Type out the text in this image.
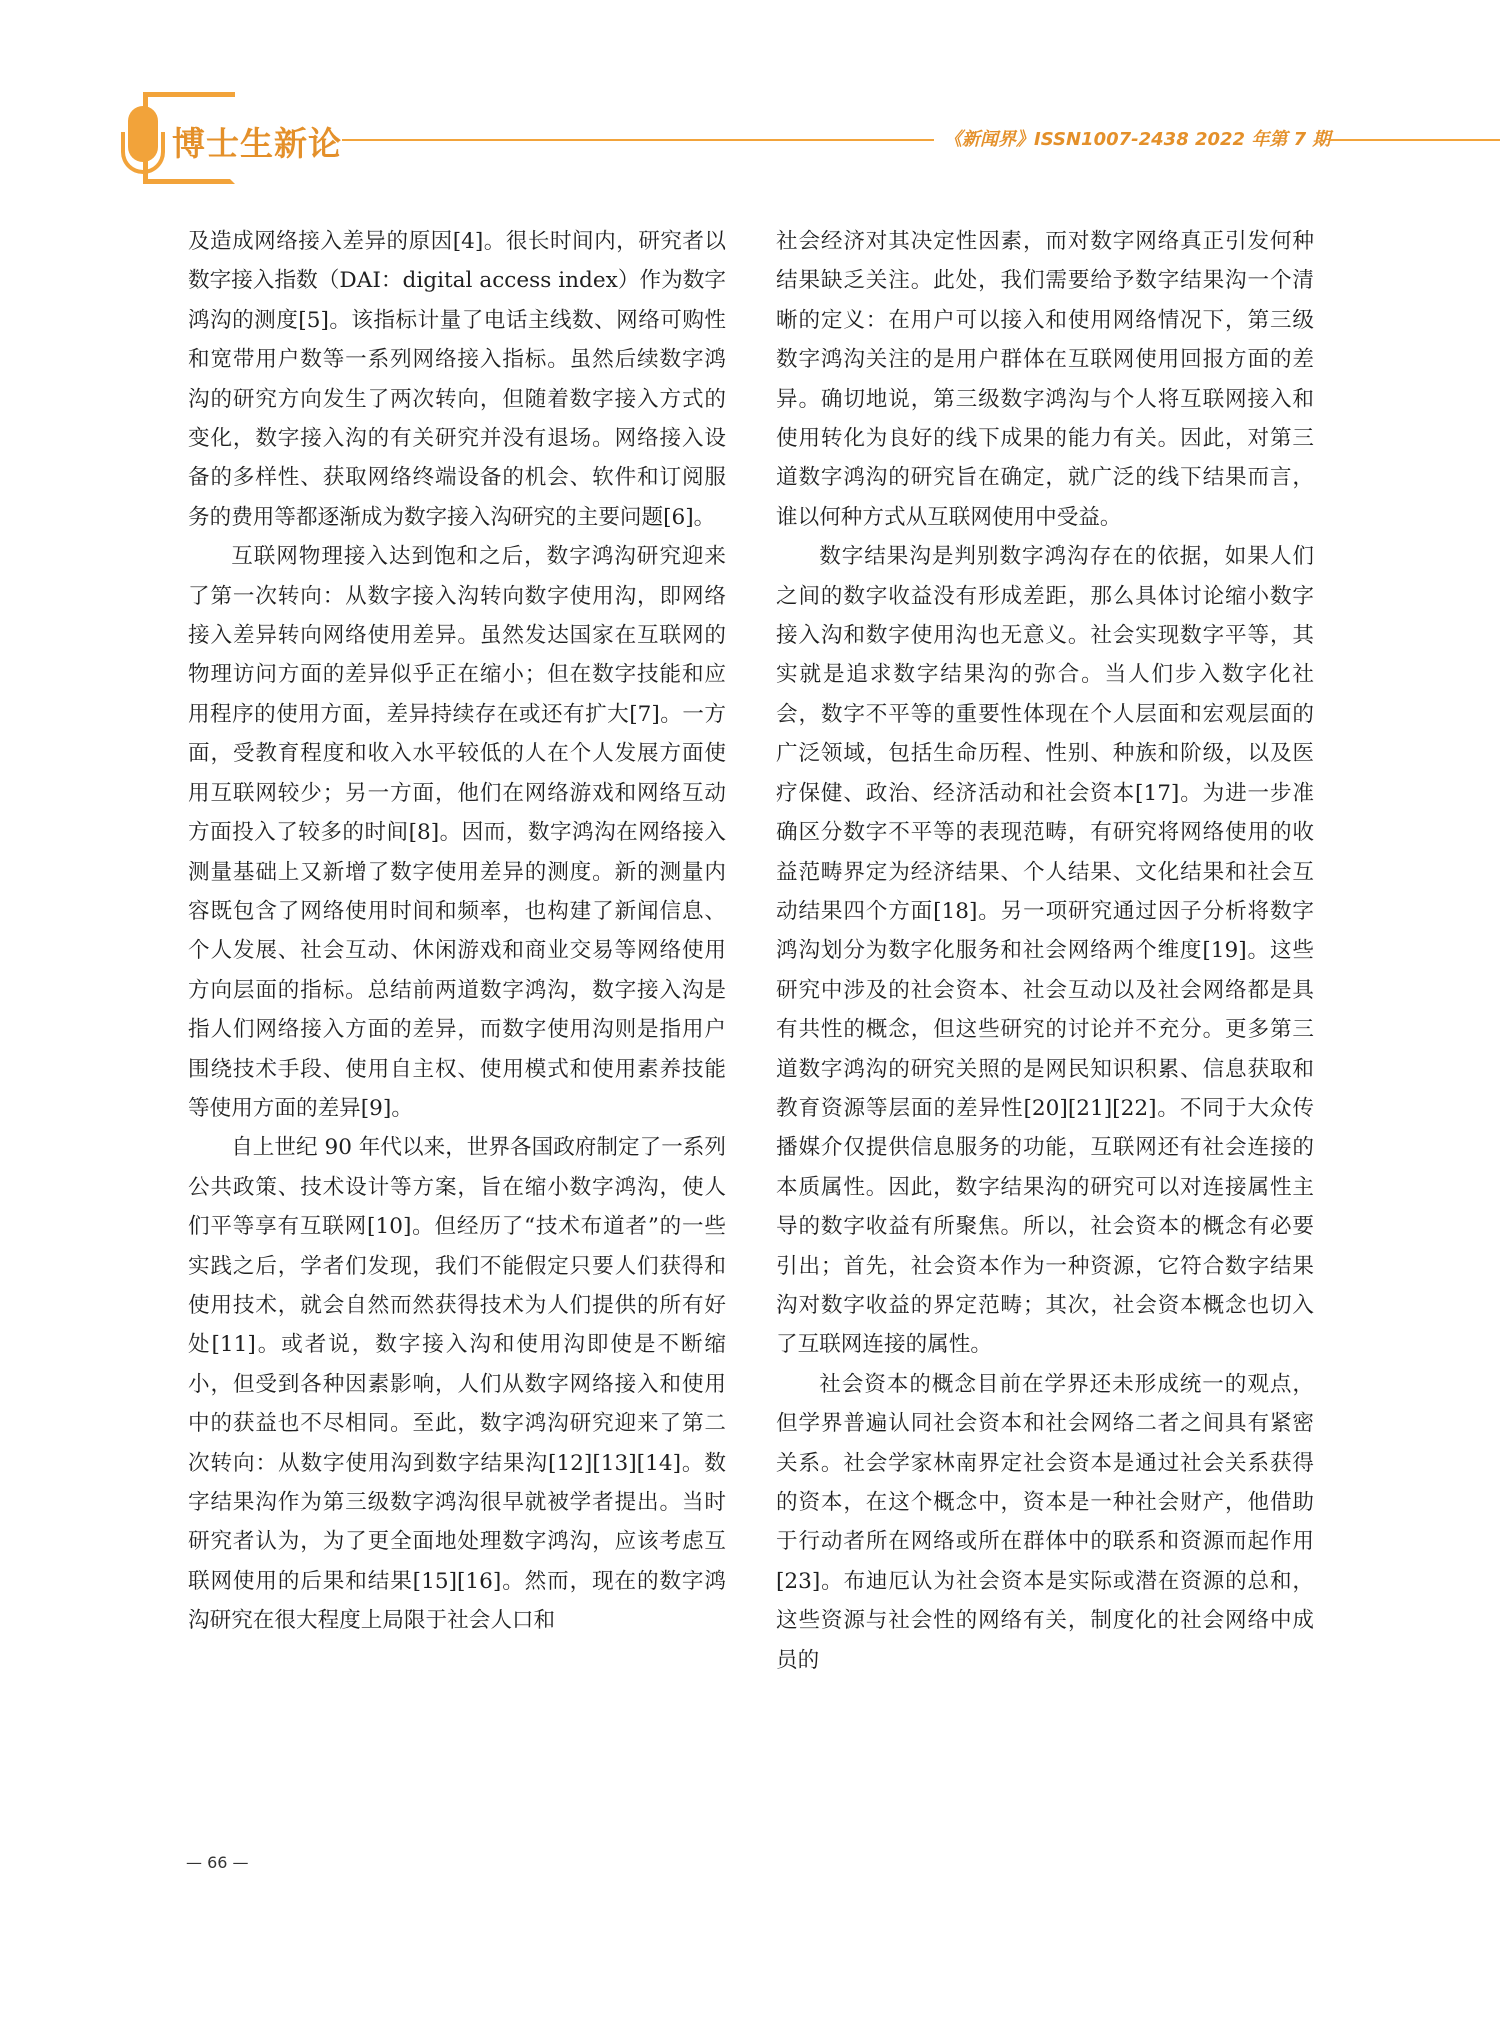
博士生新论	《新闻界》ISSN1007-2438 2022 年第 7 期

及造成网络接入差异的原因[4]。很长时间内，研究者以数字接入指数（DAI：digital access index）作为数字鸿沟的测度[5]。该指标计量了电话主线数、网络可购性和宽带用户数等一系列网络接入指标。虽然后续数字鸿沟的研究方向发生了两次转向，但随着数字接入方式的变化，数字接入沟的有关研究并没有退场。网络接入设备的多样性、获取网络终端设备的机会、软件和订阅服务的费用等都逐渐成为数字接入沟研究的主要问题[6]。

互联网物理接入达到饱和之后，数字鸿沟研究迎来了第一次转向：从数字接入沟转向数字使用沟，即网络接入差异转向网络使用差异。虽然发达国家在互联网的物理访问方面的差异似乎正在缩小；但在数字技能和应用程序的使用方面，差异持续存在或还有扩大[7]。一方面，受教育程度和收入水平较低的人在个人发展方面使用互联网较少；另一方面，他们在网络游戏和网络互动方面投入了较多的时间[8]。因而，数字鸿沟在网络接入测量基础上又新增了数字使用差异的测度。新的测量内容既包含了网络使用时间和频率，也构建了新闻信息、个人发展、社会互动、休闲游戏和商业交易等网络使用方向层面的指标。总结前两道数字鸿沟，数字接入沟是指人们网络接入方面的差异，而数字使用沟则是指用户围绕技术手段、使用自主权、使用模式和使用素养技能等使用方面的差异[9]。

自上世纪 90 年代以来，世界各国政府制定了一系列公共政策、技术设计等方案，旨在缩小数字鸿沟，使人们平等享有互联网[10]。但经历了“技术布道者”的一些实践之后，学者们发现，我们不能假定只要人们获得和使用技术，就会自然而然获得技术为人们提供的所有好处[11]。或者说，数字接入沟和使用沟即使是不断缩小，但受到各种因素影响，人们从数字网络接入和使用中的获益也不尽相同。至此，数字鸿沟研究迎来了第二次转向：从数字使用沟到数字结果沟[12][13][14]。数字结果沟作为第三级数字鸿沟很早就被学者提出。当时研究者认为，为了更全面地处理数字鸿沟，应该考虑互联网使用的后果和结果[15][16]。然而，现在的数字鸿沟研究在很大程度上局限于社会人口和

社会经济对其决定性因素，而对数字网络真正引发何种结果缺乏关注。此处，我们需要给予数字结果沟一个清晰的定义：在用户可以接入和使用网络情况下，第三级数字鸿沟关注的是用户群体在互联网使用回报方面的差异。确切地说，第三级数字鸿沟与个人将互联网接入和使用转化为良好的线下成果的能力有关。因此，对第三道数字鸿沟的研究旨在确定，就广泛的线下结果而言，谁以何种方式从互联网使用中受益。

数字结果沟是判别数字鸿沟存在的依据，如果人们之间的数字收益没有形成差距，那么具体讨论缩小数字接入沟和数字使用沟也无意义。社会实现数字平等，其实就是追求数字结果沟的弥合。当人们步入数字化社会，数字不平等的重要性体现在个人层面和宏观层面的广泛领域，包括生命历程、性别、种族和阶级，以及医疗保健、政治、经济活动和社会资本[17]。为进一步准确区分数字不平等的表现范畴，有研究将网络使用的收益范畴界定为经济结果、个人结果、文化结果和社会互动结果四个方面[18]。另一项研究通过因子分析将数字鸿沟划分为数字化服务和社会网络两个维度[19]。这些研究中涉及的社会资本、社会互动以及社会网络都是具有共性的概念，但这些研究的讨论并不充分。更多第三道数字鸿沟的研究关照的是网民知识积累、信息获取和教育资源等层面的差异性[20][21][22]。不同于大众传播媒介仅提供信息服务的功能，互联网还有社会连接的本质属性。因此，数字结果沟的研究可以对连接属性主导的数字收益有所聚焦。所以，社会资本的概念有必要引出；首先，社会资本作为一种资源，它符合数字结果沟对数字收益的界定范畴；其次，社会资本概念也切入了互联网连接的属性。

社会资本的概念目前在学界还未形成统一的观点，但学界普遍认同社会资本和社会网络二者之间具有紧密关系。社会学家林南界定社会资本是通过社会关系获得的资本，在这个概念中，资本是一种社会财产，他借助于行动者所在网络或所在群体中的联系和资源而起作用[23]。布迪厄认为社会资本是实际或潜在资源的总和，这些资源与社会性的网络有关，制度化的社会网络中成员的

— 66 —
